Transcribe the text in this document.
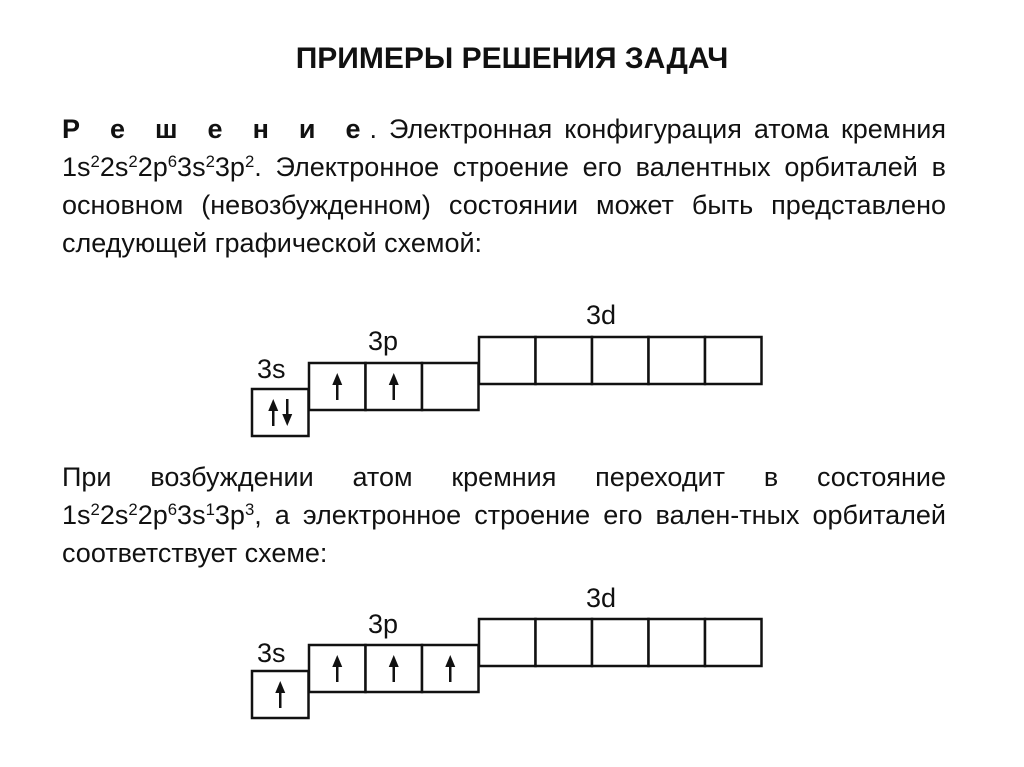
ПРИМЕРЫ РЕШЕНИЯ ЗАДАЧ
Р е ш е н и е. Электронная конфигурация атома кремния $1s^22s^22p^63s^23p^2$. Электронное строение его валентных орбиталей в основном (невозбужденном) состоянии может быть представлено следующей графической схемой:
При возбуждении атом кремния переходит в состояние $1s^22s^22p^63s^13p^3$, а электронное строение его вален-тных орбиталей соответствует схеме:
3s
3p
3d
3s
3p
3d
